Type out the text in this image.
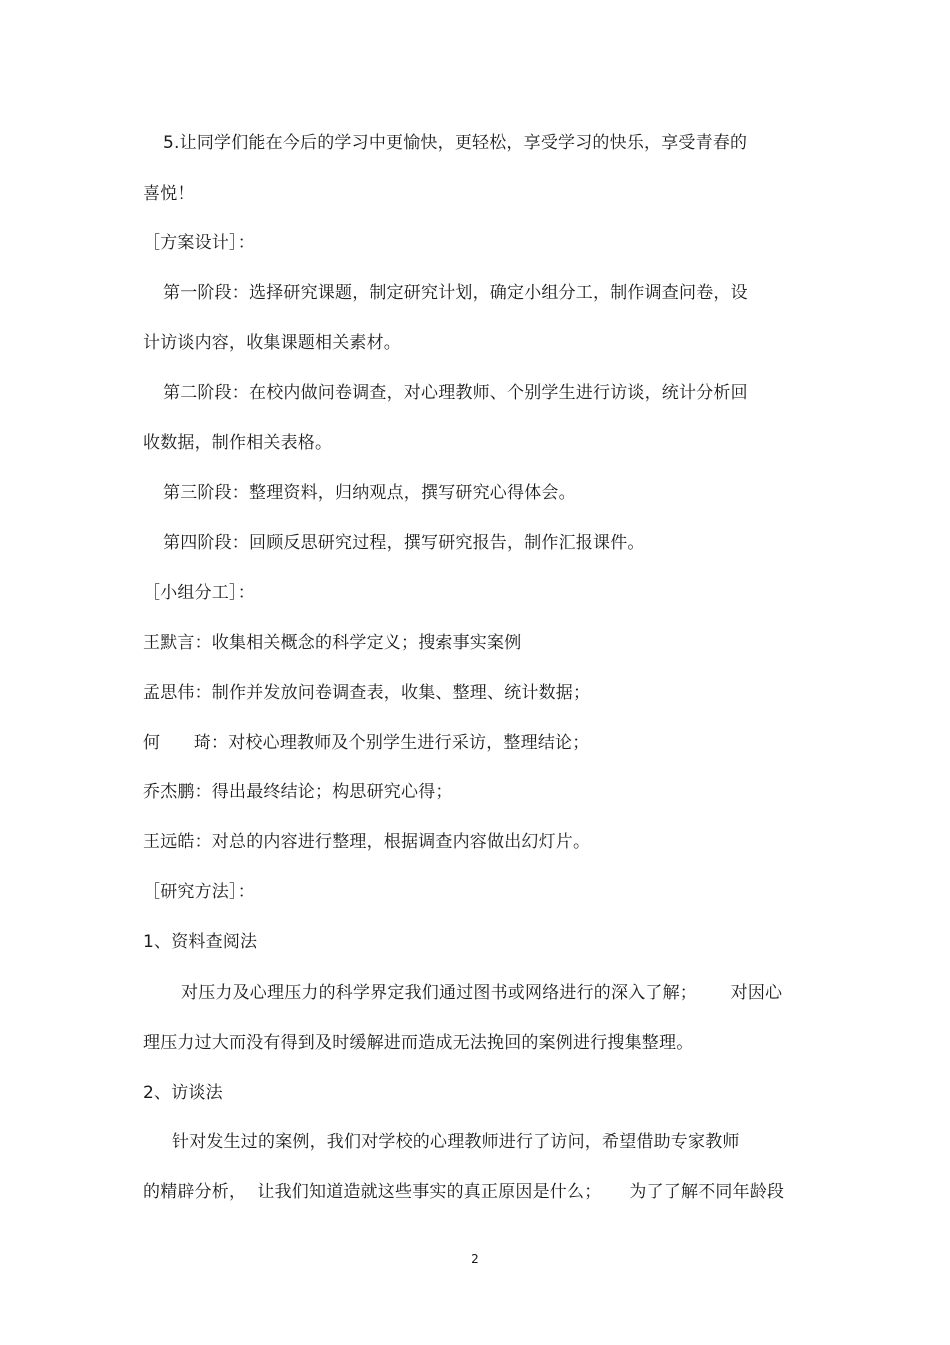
5.让同学们能在今后的学习中更愉快，更轻松，享受学习的快乐，享受青春的
喜悦！
［方案设计］：
第一阶段：选择研究课题，制定研究计划，确定小组分工，制作调查问卷，设
计访谈内容，收集课题相关素材。
第二阶段：在校内做问卷调查，对心理教师、个别学生进行访谈，统计分析回
收数据，制作相关表格。
第三阶段：整理资料，归纳观点，撰写研究心得体会。
第四阶段：回顾反思研究过程，撰写研究报告，制作汇报课件。
［小组分工］：
王默言：收集相关概念的科学定义；搜索事实案例
孟思伟：制作并发放问卷调查表，收集、整理、统计数据；
何      琦：对校心理教师及个别学生进行采访，整理结论；
乔杰鹏：得出最终结论；构思研究心得；
王远皓：对总的内容进行整理，根据调查内容做出幻灯片。
［研究方法］：
1、资料查阅法
对压力及心理压力的科学界定我们通过图书或网络进行的深入了解；      对因心
理压力过大而没有得到及时缓解进而造成无法挽回的案例进行搜集整理。
2、访谈法
针对发生过的案例，我们对学校的心理教师进行了访问，希望借助专家教师
的精辟分析，  让我们知道造就这些事实的真正原因是什么；     为了了解不同年龄段
2
